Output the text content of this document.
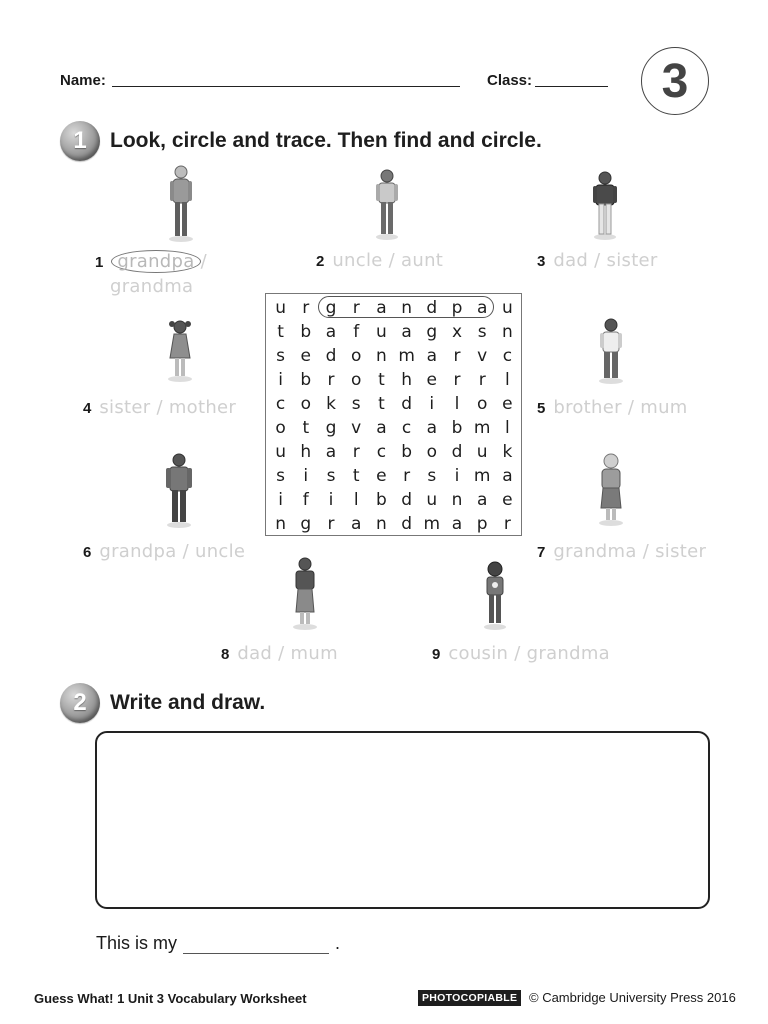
Name:	Class:	3
1	Look, circle and trace. Then find and circle.
1 grandpa /
grandma
2 uncle / aunt	3 dad / sister
4 sister / mother	5 brother / mum
6 grandpa / uncle	7 grandma / sister
8 dad / mum	9 cousin / grandma
u r g r a n d p a u
t b a f u a g x s n
s e d o n m a r v c
i	b r o t h e r	r	l
c o k s	t d	i	l	o e
o t g v a c a b m l
u h a r	c b o d u k
s	i	s	t e r	s	i m a
i	f	i	l	b d u n a e
n g r a n d m a p r
2	Write and draw.
This is my	.
Guess What! 1 Unit 3 Vocabulary Worksheet	PHOTOCOPIABLE © Cambridge University Press 2016
